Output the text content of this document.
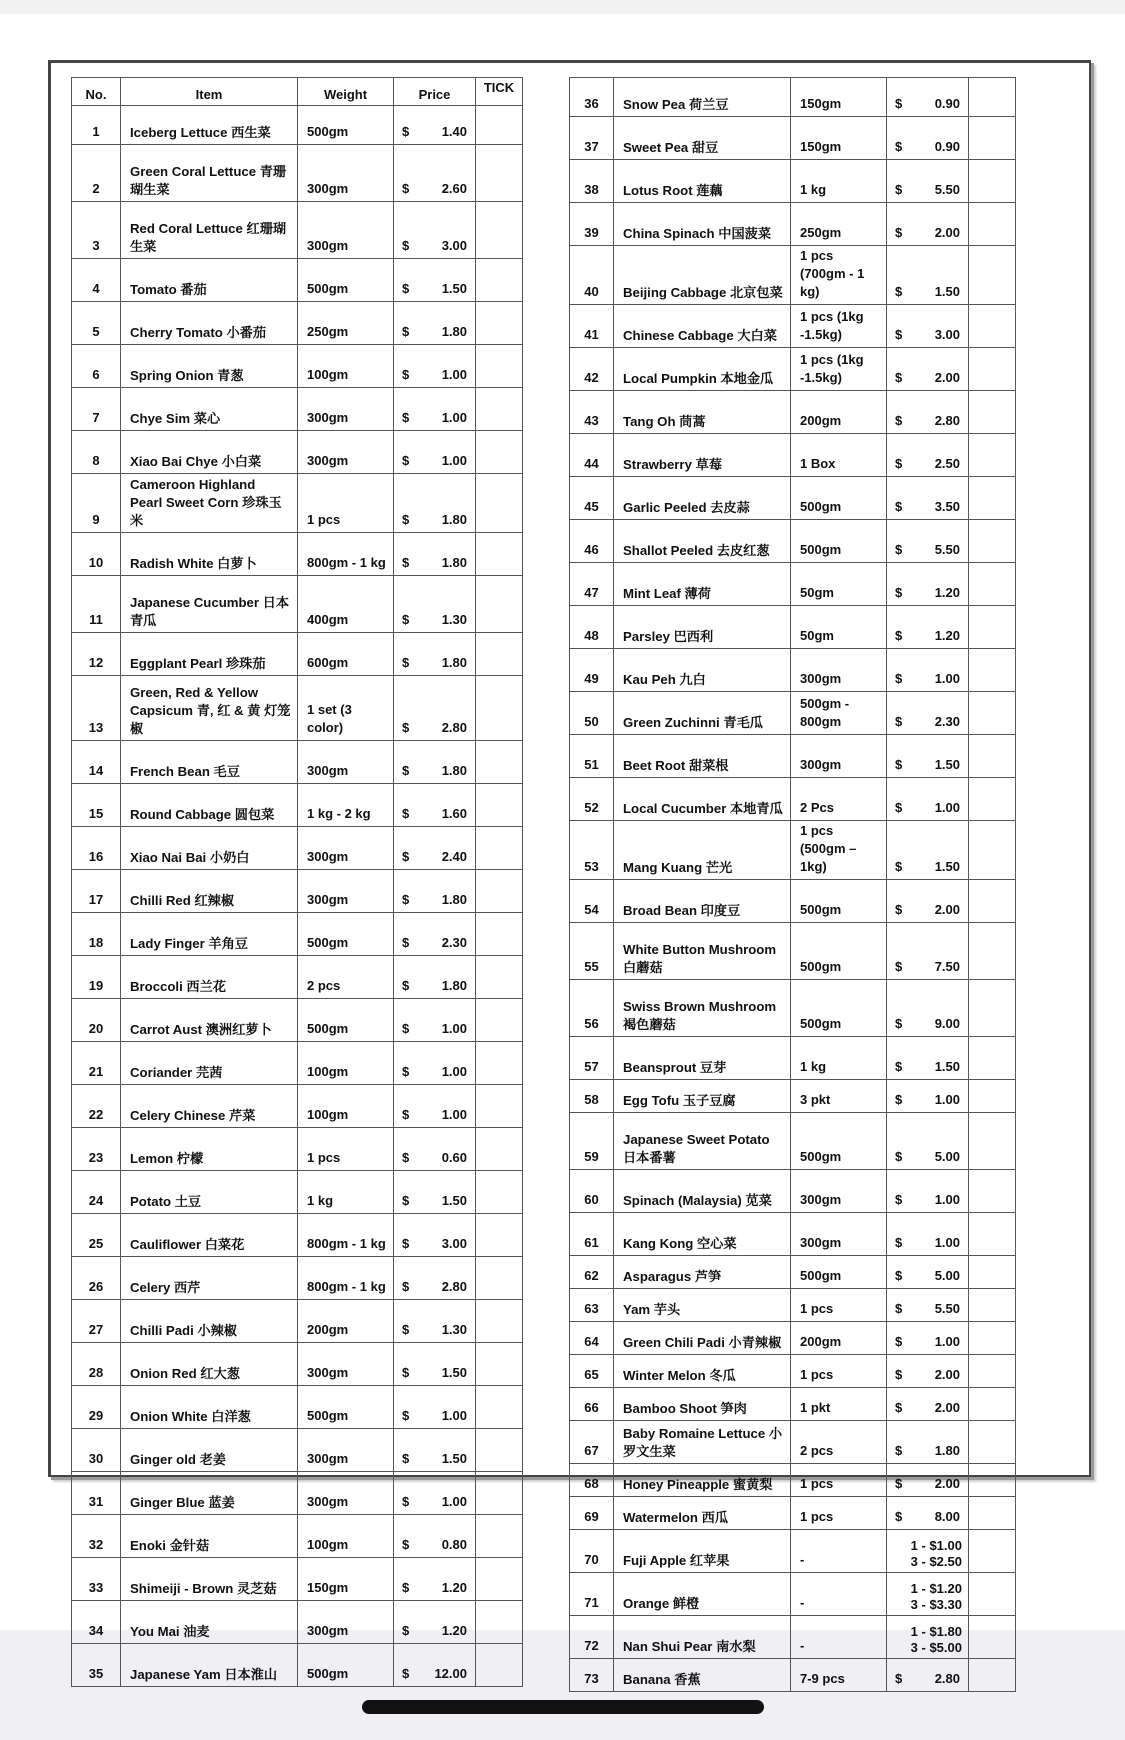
No.	Item	Weight	Price	TICK
1	Iceberg Lettuce 西生菜	500gm	$ 1.40	

2	Green Coral Lettuce 青珊瑚生菜	300gm	$ 2.60	

3	Red Coral Lettuce 红珊瑚生菜	300gm	$ 3.00	

4	Tomato 番茄	500gm	$ 1.50	

5	Cherry Tomato 小番茄	250gm	$ 1.80	

6	Spring Onion 青葱	100gm	$ 1.00	

7	Chye Sim 菜心	300gm	$ 1.00	

8	Xiao Bai Chye 小白菜	300gm	$ 1.00	

9	Cameroon Highland Pearl Sweet Corn 珍珠玉米	1 pcs	$ 1.80	

10	Radish White 白萝卜	800gm - 1 kg	$ 1.80	

11	Japanese Cucumber 日本青瓜	400gm	$ 1.30	

12	Eggplant Pearl 珍珠茄	600gm	$ 1.80	

13	Green, Red & Yellow Capsicum 青, 红 & 黄 灯笼椒	1 set (3 color)	$ 2.80	

14	French Bean 毛豆	300gm	$ 1.80	

15	Round Cabbage 圆包菜	1 kg - 2 kg	$ 1.60	

16	Xiao Nai Bai 小奶白	300gm	$ 2.40	

17	Chilli Red 红辣椒	300gm	$ 1.80	

18	Lady Finger 羊角豆	500gm	$ 2.30	

19	Broccoli 西兰花	2 pcs	$ 1.80	

20	Carrot Aust 澳洲红萝卜	500gm	$ 1.00	

21	Coriander 芫茜	100gm	$ 1.00	

22	Celery Chinese 芹菜	100gm	$ 1.00	

23	Lemon 柠檬	1 pcs	$ 0.60	

24	Potato 土豆	1 kg	$ 1.50	

25	Cauliflower 白菜花	800gm - 1 kg	$ 3.00	

26	Celery 西芹	800gm - 1 kg	$ 2.80	

27	Chilli Padi 小辣椒	200gm	$ 1.30	

28	Onion Red 红大葱	300gm	$ 1.50	

29	Onion White 白洋葱	500gm	$ 1.00	

30	Ginger old 老姜	300gm	$ 1.50	

31	Ginger Blue 蓝姜	300gm	$ 1.00	

32	Enoki 金针菇	100gm	$ 0.80	

33	Shimeiji - Brown 灵芝菇	150gm	$ 1.20	

34	You Mai 油麦	300gm	$ 1.20	

35	Japanese Yam 日本淮山	500gm	$ 12.00	

36	Snow Pea 荷兰豆	150gm	$ 0.90	

37	Sweet Pea 甜豆	150gm	$ 0.90	

38	Lotus Root 莲藕	1 kg	$ 5.50	

39	China Spinach 中国菠菜	250gm	$ 2.00	

40	Beijing Cabbage 北京包菜	1 pcs (700gm - 1 kg)	$ 1.50	

41	Chinese Cabbage 大白菜	1 pcs (1kg -1.5kg)	$ 3.00	

42	Local Pumpkin 本地金瓜	1 pcs (1kg -1.5kg)	$ 2.00	

43	Tang Oh 茼蒿	200gm	$ 2.80	

44	Strawberry 草莓	1 Box	$ 2.50	

45	Garlic Peeled 去皮蒜	500gm	$ 3.50	

46	Shallot Peeled 去皮红葱	500gm	$ 5.50	

47	Mint Leaf 薄荷	50gm	$ 1.20	

48	Parsley 巴西利	50gm	$ 1.20	

49	Kau Peh 九白	300gm	$ 1.00	

50	Green Zuchinni 青毛瓜	500gm - 800gm	$ 2.30	

51	Beet Root 甜菜根	300gm	$ 1.50	

52	Local Cucumber 本地青瓜	2 Pcs	$ 1.00	

53	Mang Kuang 芒光	1 pcs (500gm – 1kg)	$ 1.50	

54	Broad Bean 印度豆	500gm	$ 2.00	

55	White Button Mushroom 白蘑菇	500gm	$ 7.50	

56	Swiss Brown Mushroom 褐色蘑菇	500gm	$ 9.00	

57	Beansprout 豆芽	1 kg	$ 1.50	

58	Egg Tofu 玉子豆腐	3 pkt	$ 1.00	

59	Japanese Sweet Potato 日本番薯	500gm	$ 5.00	

60	Spinach (Malaysia) 苋菜	300gm	$ 1.00	

61	Kang Kong 空心菜	300gm	$ 1.00	

62	Asparagus 芦笋	500gm	$ 5.00	

63	Yam 芋头	1 pcs	$ 5.50	

64	Green Chili Padi 小青辣椒	200gm	$ 1.00	

65	Winter Melon 冬瓜	1 pcs	$ 2.00	

66	Bamboo Shoot 笋肉	1 pkt	$ 2.00	

67	Baby Romaine Lettuce 小罗文生菜	2 pcs	$ 1.80	

68	Honey Pineapple 蜜黄梨	1 pcs	$ 2.00	

69	Watermelon 西瓜	1 pcs	$ 8.00	

70	Fuji Apple 红苹果	-	1 - $1.00
3 - $2.50	

71	Orange 鲜橙	-	1 - $1.20
3 - $3.30	

72	Nan Shui Pear 南水梨	-	1 - $1.80
3 - $5.00	

73	Banana 香蕉	7-9 pcs	$ 2.80	
